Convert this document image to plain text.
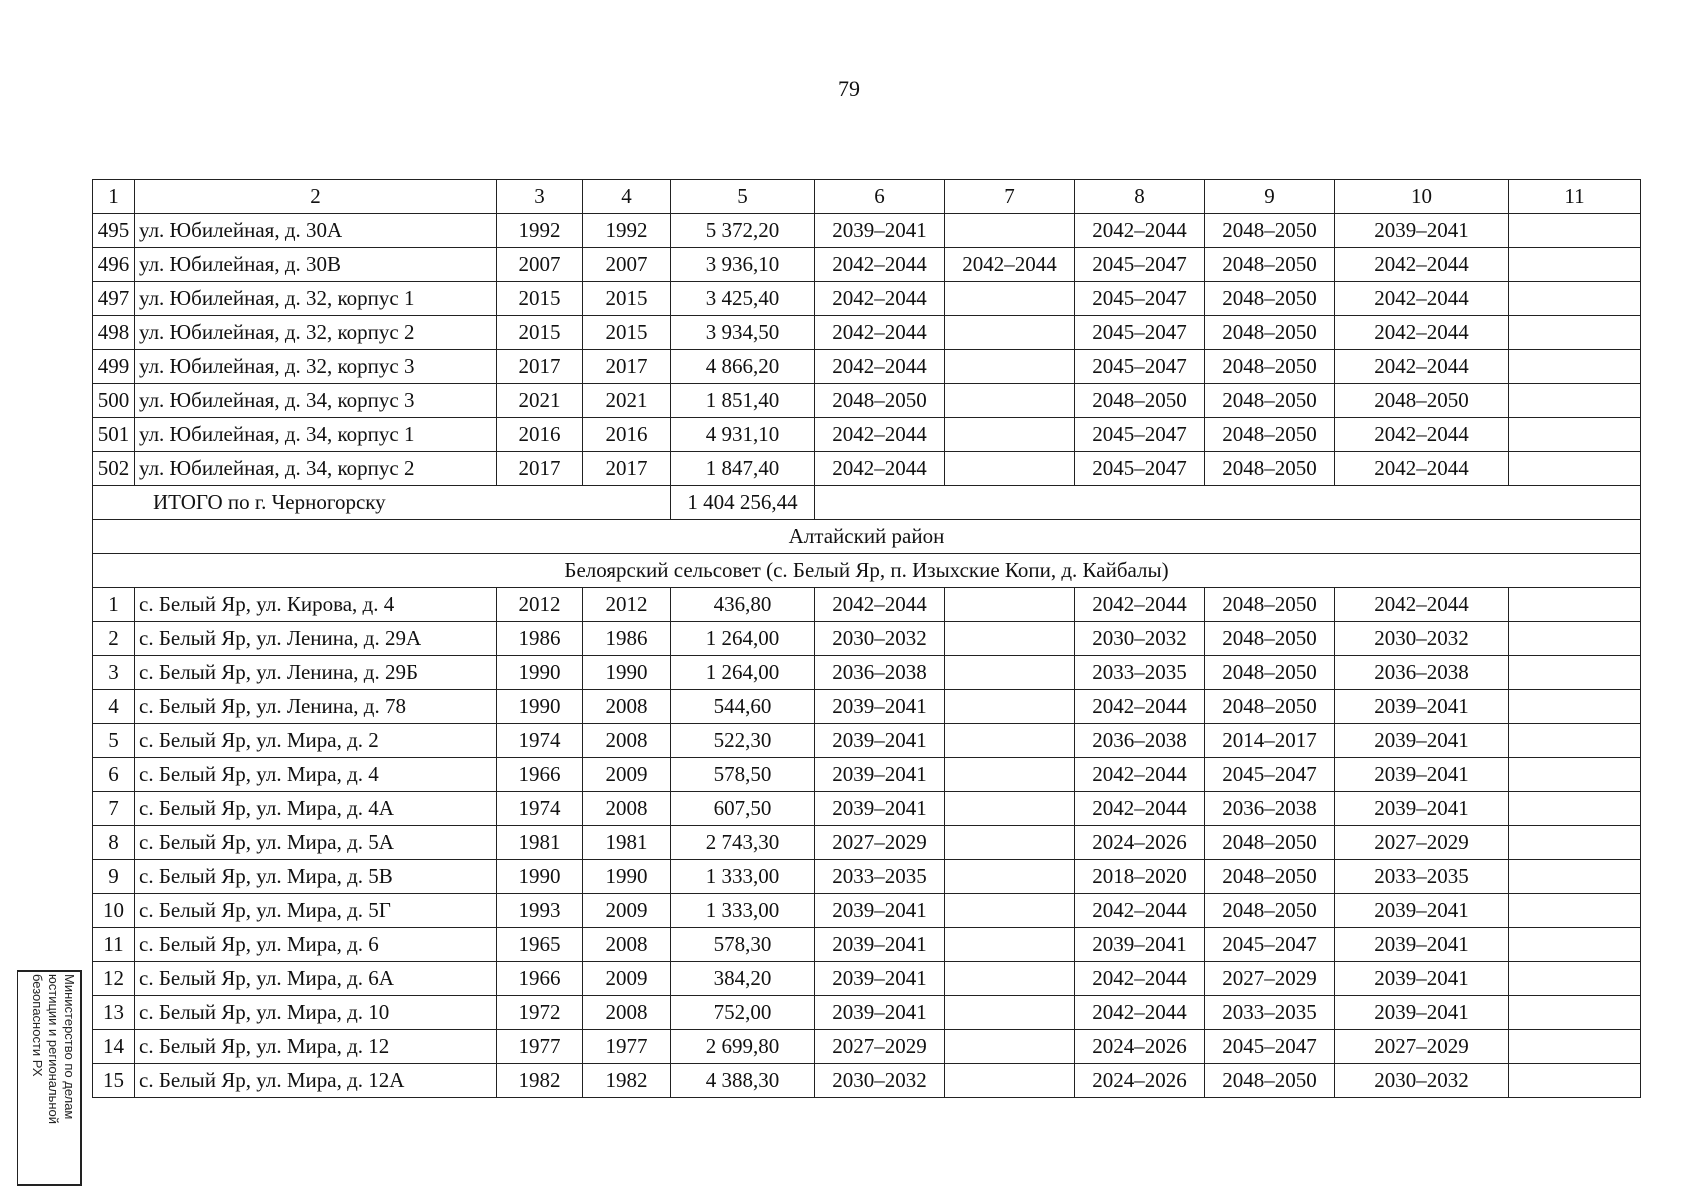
79
1	2	3	4	5	6	7	8	9	10	11
495	ул. Юбилейная, д. 30А	1992	1992	5 372,20	2039–2041		2042–2044	2048–2050	2039–2041	
496	ул. Юбилейная, д. 30В	2007	2007	3 936,10	2042–2044	2042–2044	2045–2047	2048–2050	2042–2044	
497	ул. Юбилейная, д. 32, корпус 1	2015	2015	3 425,40	2042–2044		2045–2047	2048–2050	2042–2044	
498	ул. Юбилейная, д. 32, корпус 2	2015	2015	3 934,50	2042–2044		2045–2047	2048–2050	2042–2044	
499	ул. Юбилейная, д. 32, корпус 3	2017	2017	4 866,20	2042–2044		2045–2047	2048–2050	2042–2044	
500	ул. Юбилейная, д. 34, корпус 3	2021	2021	1 851,40	2048–2050		2048–2050	2048–2050	2048–2050	
501	ул. Юбилейная, д. 34, корпус 1	2016	2016	4 931,10	2042–2044		2045–2047	2048–2050	2042–2044	
502	ул. Юбилейная, д. 34, корпус 2	2017	2017	1 847,40	2042–2044		2045–2047	2048–2050	2042–2044	
ИТОГО по г. Черногорску				1 404 256,44						
Алтайский район										
Белоярский сельсовет (с. Белый Яр, п. Изыхские Копи, д. Кайбалы)										
1	с. Белый Яр, ул. Кирова, д. 4	2012	2012	436,80	2042–2044		2042–2044	2048–2050	2042–2044	
2	с. Белый Яр, ул. Ленина, д. 29А	1986	1986	1 264,00	2030–2032		2030–2032	2048–2050	2030–2032	
3	с. Белый Яр, ул. Ленина, д. 29Б	1990	1990	1 264,00	2036–2038		2033–2035	2048–2050	2036–2038	
4	с. Белый Яр, ул. Ленина, д. 78	1990	2008	544,60	2039–2041		2042–2044	2048–2050	2039–2041	
5	с. Белый Яр, ул. Мира, д. 2	1974	2008	522,30	2039–2041		2036–2038	2014–2017	2039–2041	
6	с. Белый Яр, ул. Мира, д. 4	1966	2009	578,50	2039–2041		2042–2044	2045–2047	2039–2041	
7	с. Белый Яр, ул. Мира, д. 4А	1974	2008	607,50	2039–2041		2042–2044	2036–2038	2039–2041	
8	с. Белый Яр, ул. Мира, д. 5А	1981	1981	2 743,30	2027–2029		2024–2026	2048–2050	2027–2029	
9	с. Белый Яр, ул. Мира, д. 5В	1990	1990	1 333,00	2033–2035		2018–2020	2048–2050	2033–2035	
10	с. Белый Яр, ул. Мира, д. 5Г	1993	2009	1 333,00	2039–2041		2042–2044	2048–2050	2039–2041	
11	с. Белый Яр, ул. Мира, д. 6	1965	2008	578,30	2039–2041		2039–2041	2045–2047	2039–2041	
12	с. Белый Яр, ул. Мира, д. 6А	1966	2009	384,20	2039–2041		2042–2044	2027–2029	2039–2041	
13	с. Белый Яр, ул. Мира, д. 10	1972	2008	752,00	2039–2041		2042–2044	2033–2035	2039–2041	
14	с. Белый Яр, ул. Мира, д. 12	1977	1977	2 699,80	2027–2029		2024–2026	2045–2047	2027–2029	
15	с. Белый Яр, ул. Мира, д. 12А	1982	1982	4 388,30	2030–2032		2024–2026	2048–2050	2030–2032	
Министерство по делам
юстиции и региональной
безопасности РХ
